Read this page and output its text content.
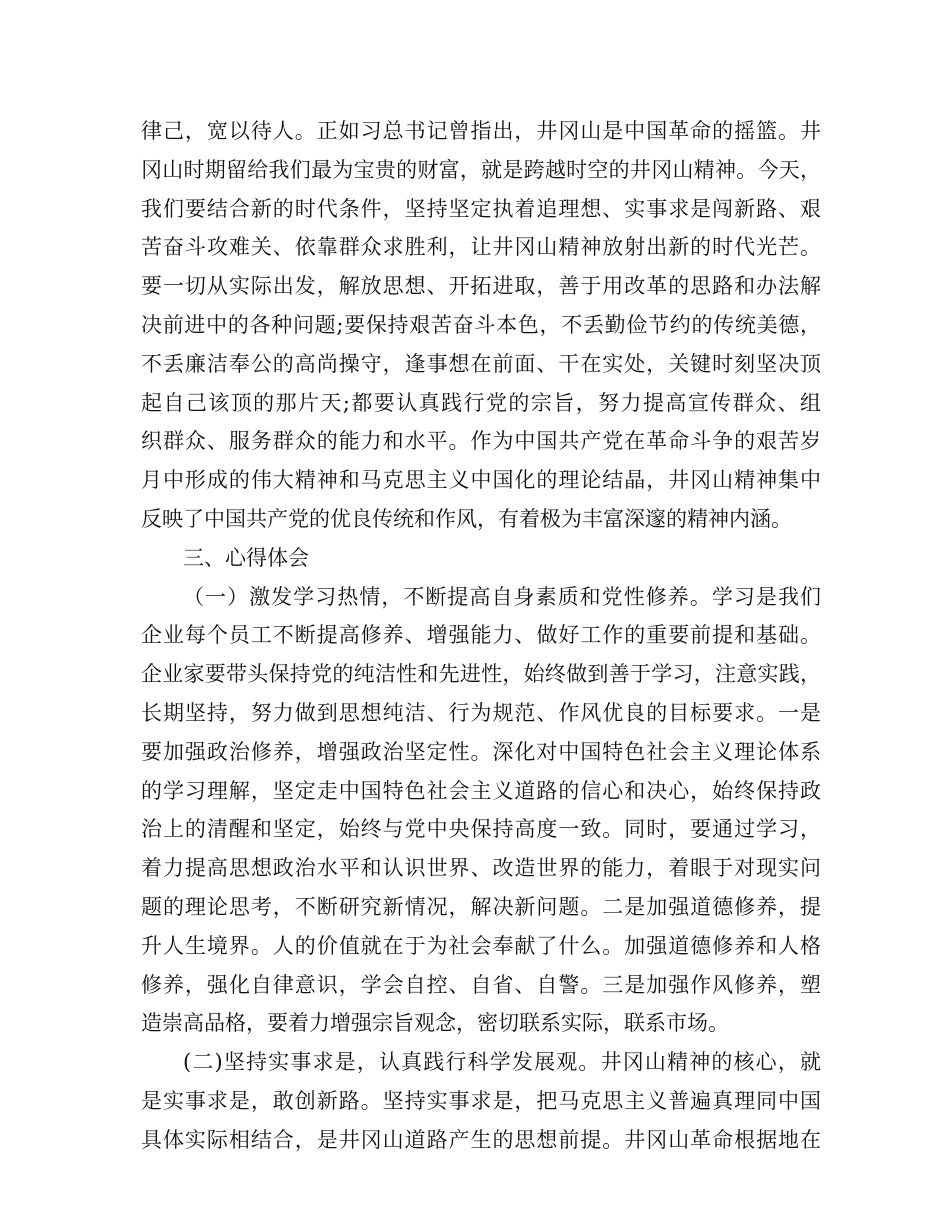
律己，宽以待人。正如习总书记曾指出，井冈山是中国革命的摇篮。井
冈山时期留给我们最为宝贵的财富，就是跨越时空的井冈山精神。今天，
我们要结合新的时代条件，坚持坚定执着追理想、实事求是闯新路、艰
苦奋斗攻难关、依靠群众求胜利，让井冈山精神放射出新的时代光芒。
要一切从实际出发，解放思想、开拓进取，善于用改革的思路和办法解
决前进中的各种问题;要保持艰苦奋斗本色，不丢勤俭节约的传统美德，
不丢廉洁奉公的高尚操守，逢事想在前面、干在实处，关键时刻坚决顶
起自己该顶的那片天;都要认真践行党的宗旨，努力提高宣传群众、组
织群众、服务群众的能力和水平。作为中国共产党在革命斗争的艰苦岁
月中形成的伟大精神和马克思主义中国化的理论结晶，井冈山精神集中
反映了中国共产党的优良传统和作风，有着极为丰富深邃的精神内涵。
三、心得体会
（一）激发学习热情，不断提高自身素质和党性修养。学习是我们
企业每个员工不断提高修养、增强能力、做好工作的重要前提和基础。
企业家要带头保持党的纯洁性和先进性，始终做到善于学习，注意实践，
长期坚持，努力做到思想纯洁、行为规范、作风优良的目标要求。一是
要加强政治修养，增强政治坚定性。深化对中国特色社会主义理论体系
的学习理解，坚定走中国特色社会主义道路的信心和决心，始终保持政
治上的清醒和坚定，始终与党中央保持高度一致。同时，要通过学习，
着力提高思想政治水平和认识世界、改造世界的能力，着眼于对现实问
题的理论思考，不断研究新情况，解决新问题。二是加强道德修养，提
升人生境界。人的价值就在于为社会奉献了什么。加强道德修养和人格
修养，强化自律意识，学会自控、自省、自警。三是加强作风修养，塑
造崇高品格，要着力增强宗旨观念，密切联系实际，联系市场。
(二)坚持实事求是，认真践行科学发展观。井冈山精神的核心，就
是实事求是，敢创新路。坚持实事求是，把马克思主义普遍真理同中国
具体实际相结合，是井冈山道路产生的思想前提。井冈山革命根据地在
